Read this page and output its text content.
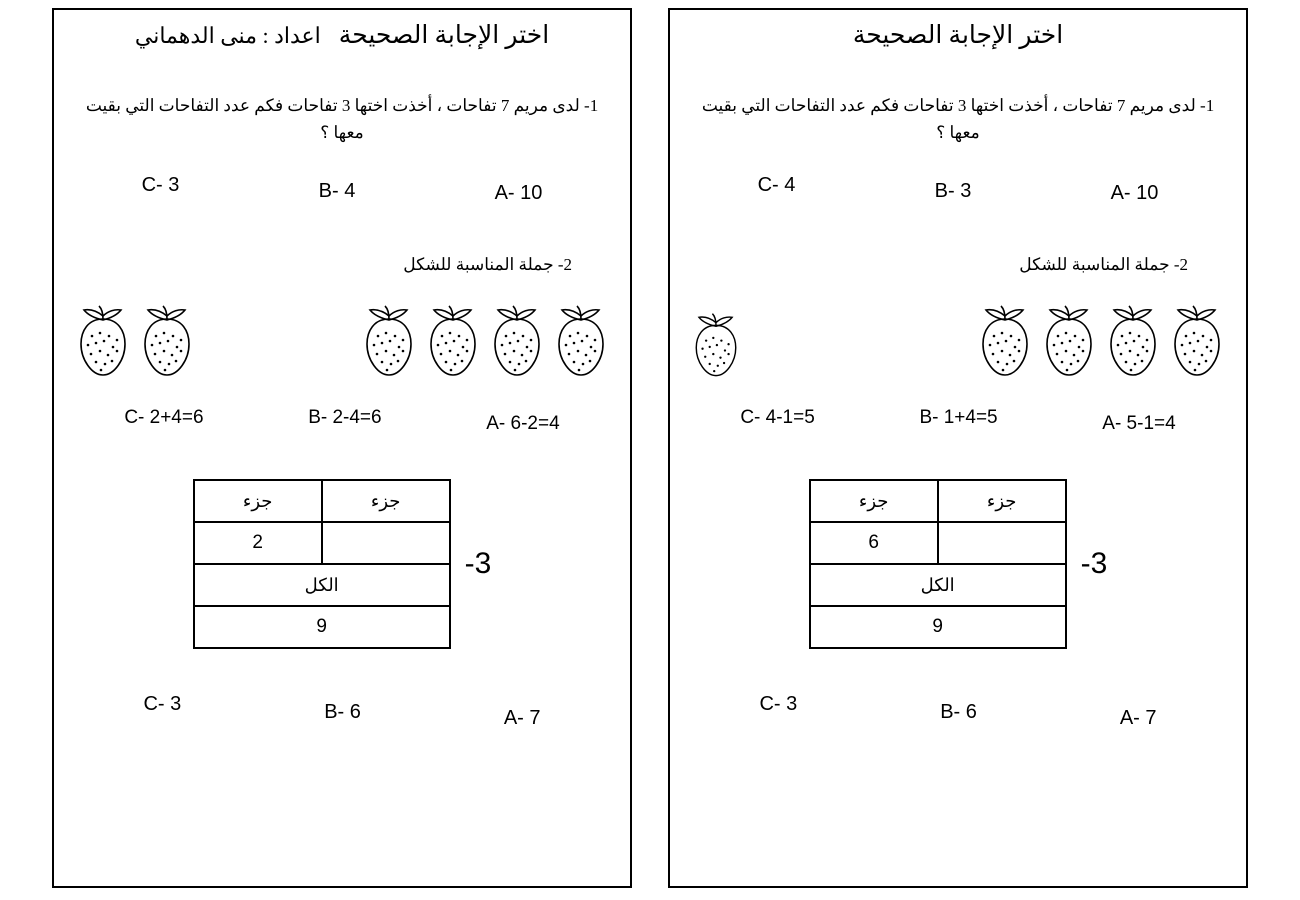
اختر الإجابة الصحيحة
اعداد : منى الدهماني

1- لدى مريم 7 تفاحات ، أخذت اختها 3 تفاحات فكم عدد التفاحات التي بقيت معها ؟

A- 10
B- 4
C- 3
2- جملة المناسبة للشكل
A- 6-2=4
B- 2-4=6
C- 2+4=6
3-
جزء	جزء
	2
الكل	
9	
A- 7
B- 6
C- 3
اختر الإجابة الصحيحة

1- لدى مريم 7 تفاحات ، أخذت اختها 3 تفاحات فكم عدد التفاحات التي بقيت معها ؟

A- 10
B- 3
C- 4
2- جملة المناسبة للشكل
A- 5-1=4
B- 1+4=5
C- 4-1=5
3-
جزء	جزء
	6
الكل	
9	
A- 7
B- 6
C- 3
